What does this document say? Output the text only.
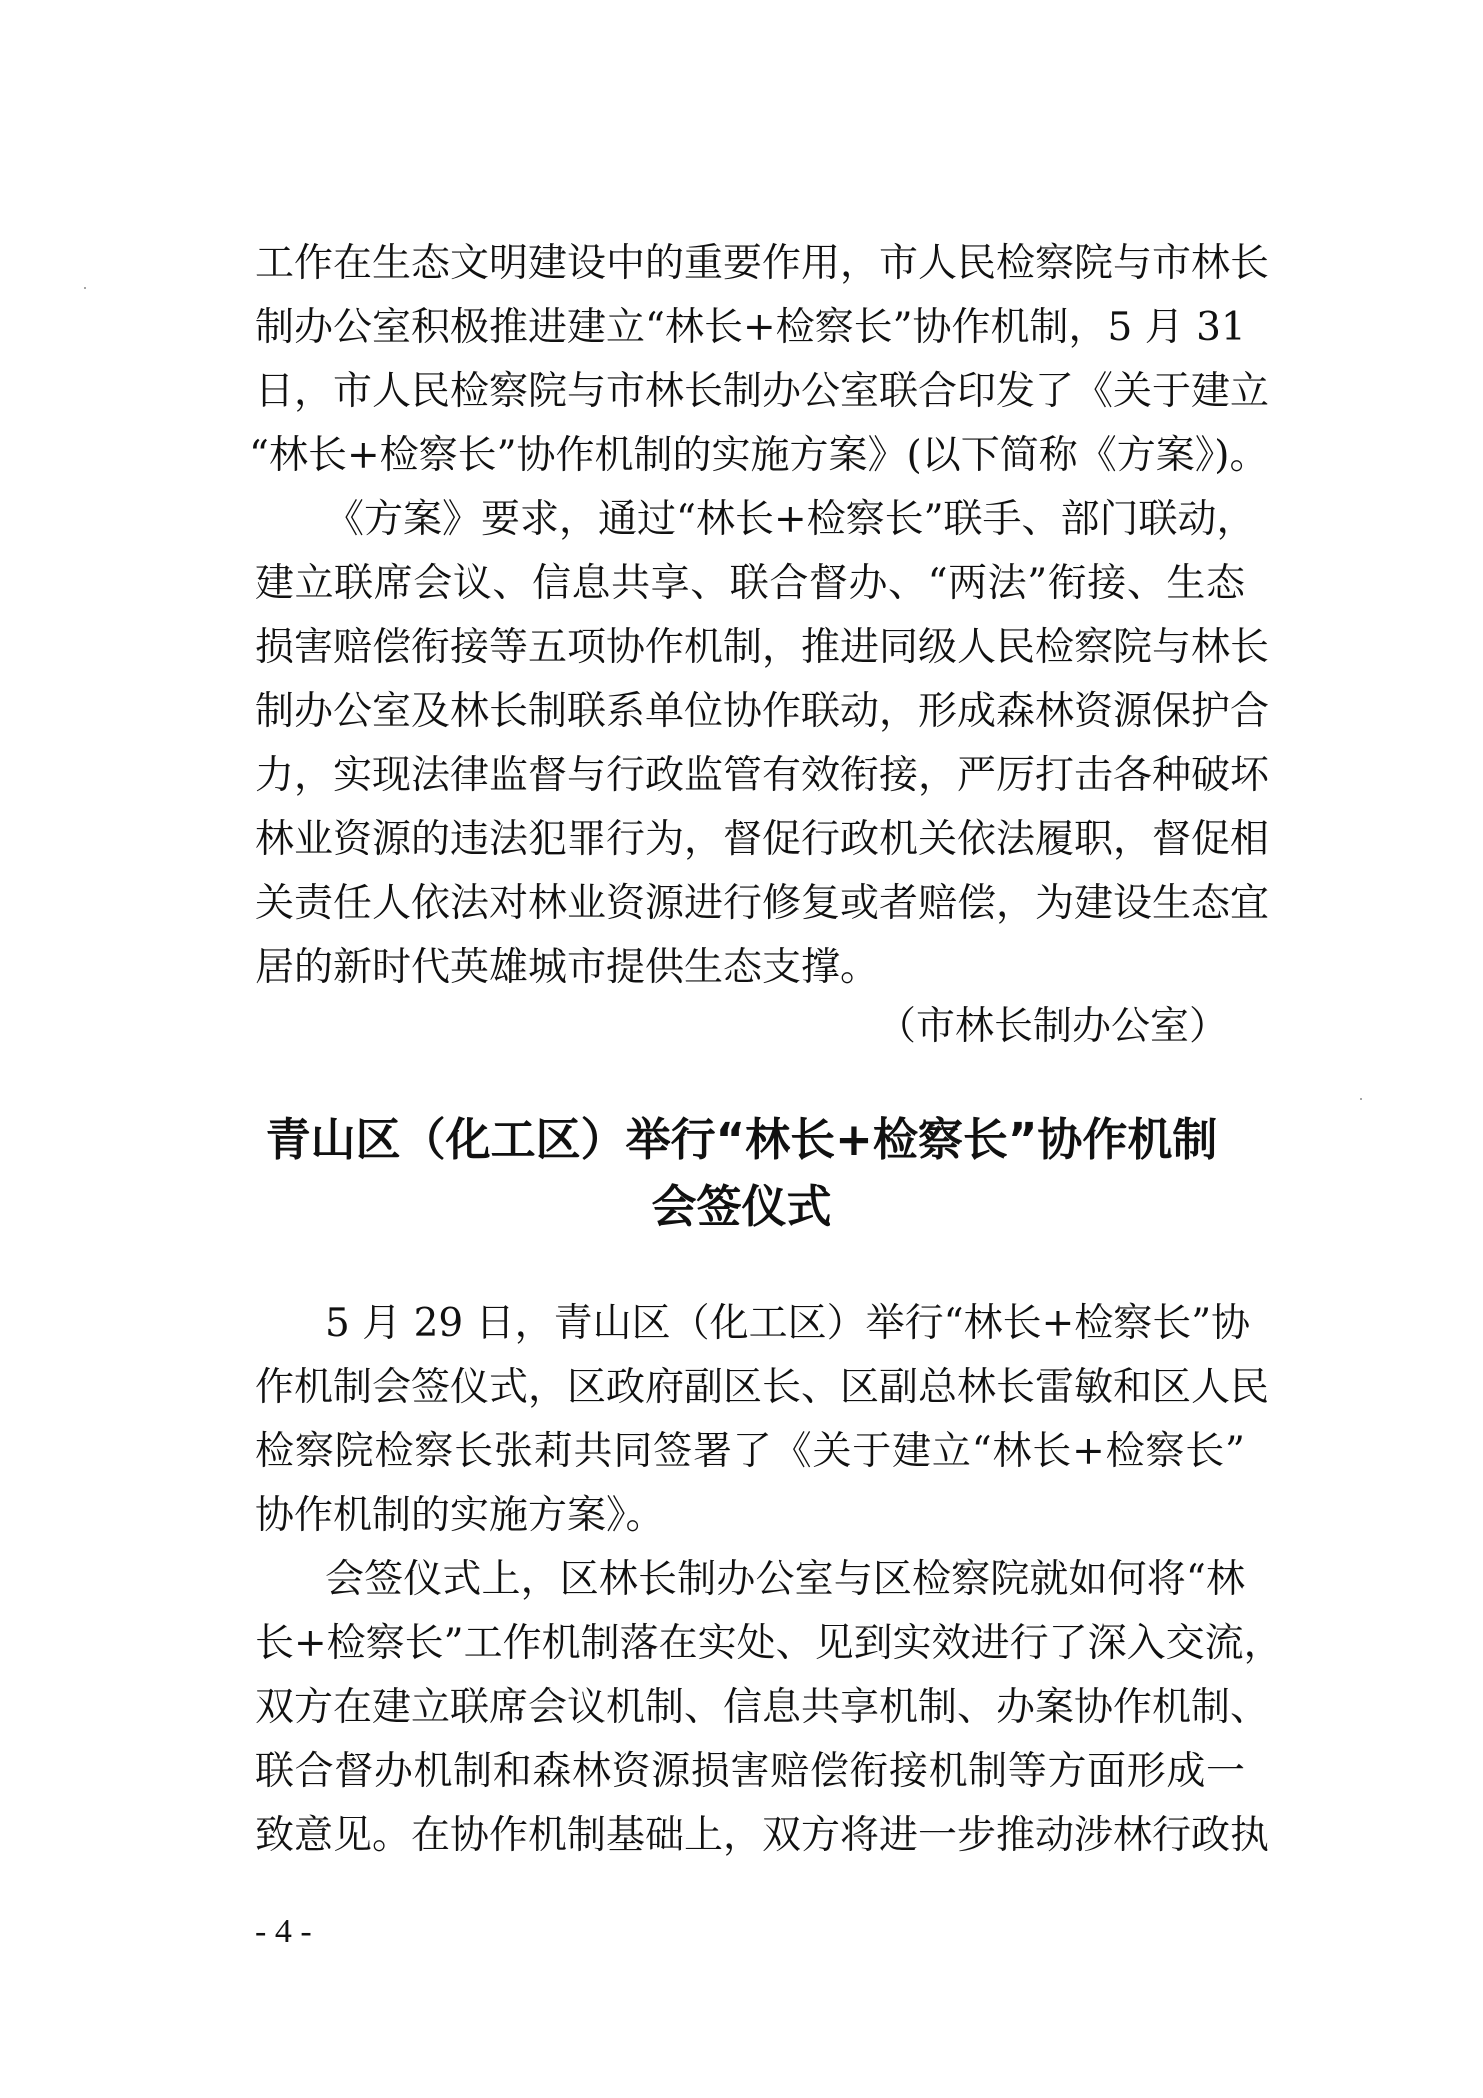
工作在生态文明建设中的重要作用，市人民检察院与市林长
制办公室积极推进建立“林长+检察长”协作机制，5 月 31
日，市人民检察院与市林长制办公室联合印发了《关于建立
“林长+检察长”协作机制的实施方案》(以下简称《方案》)。
《方案》要求，通过“林长+检察长”联手、部门联动，
建立联席会议、信息共享、联合督办、“两法”衔接、生态
损害赔偿衔接等五项协作机制，推进同级人民检察院与林长
制办公室及林长制联系单位协作联动，形成森林资源保护合
力，实现法律监督与行政监管有效衔接，严厉打击各种破坏
林业资源的违法犯罪行为，督促行政机关依法履职，督促相
关责任人依法对林业资源进行修复或者赔偿，为建设生态宜
居的新时代英雄城市提供生态支撑。
（市林长制办公室）
青山区（化工区）举行“林长+检察长”协作机制
会签仪式
5 月 29 日，青山区（化工区）举行“林长+检察长”协
作机制会签仪式，区政府副区长、区副总林长雷敏和区人民
检察院检察长张莉共同签署了《关于建立“林长+检察长”
协作机制的实施方案》。
会签仪式上，区林长制办公室与区检察院就如何将“林
长+检察长”工作机制落在实处、见到实效进行了深入交流，
双方在建立联席会议机制、信息共享机制、办案协作机制、
联合督办机制和森林资源损害赔偿衔接机制等方面形成一
致意见。在协作机制基础上，双方将进一步推动涉林行政执
- 4 -
